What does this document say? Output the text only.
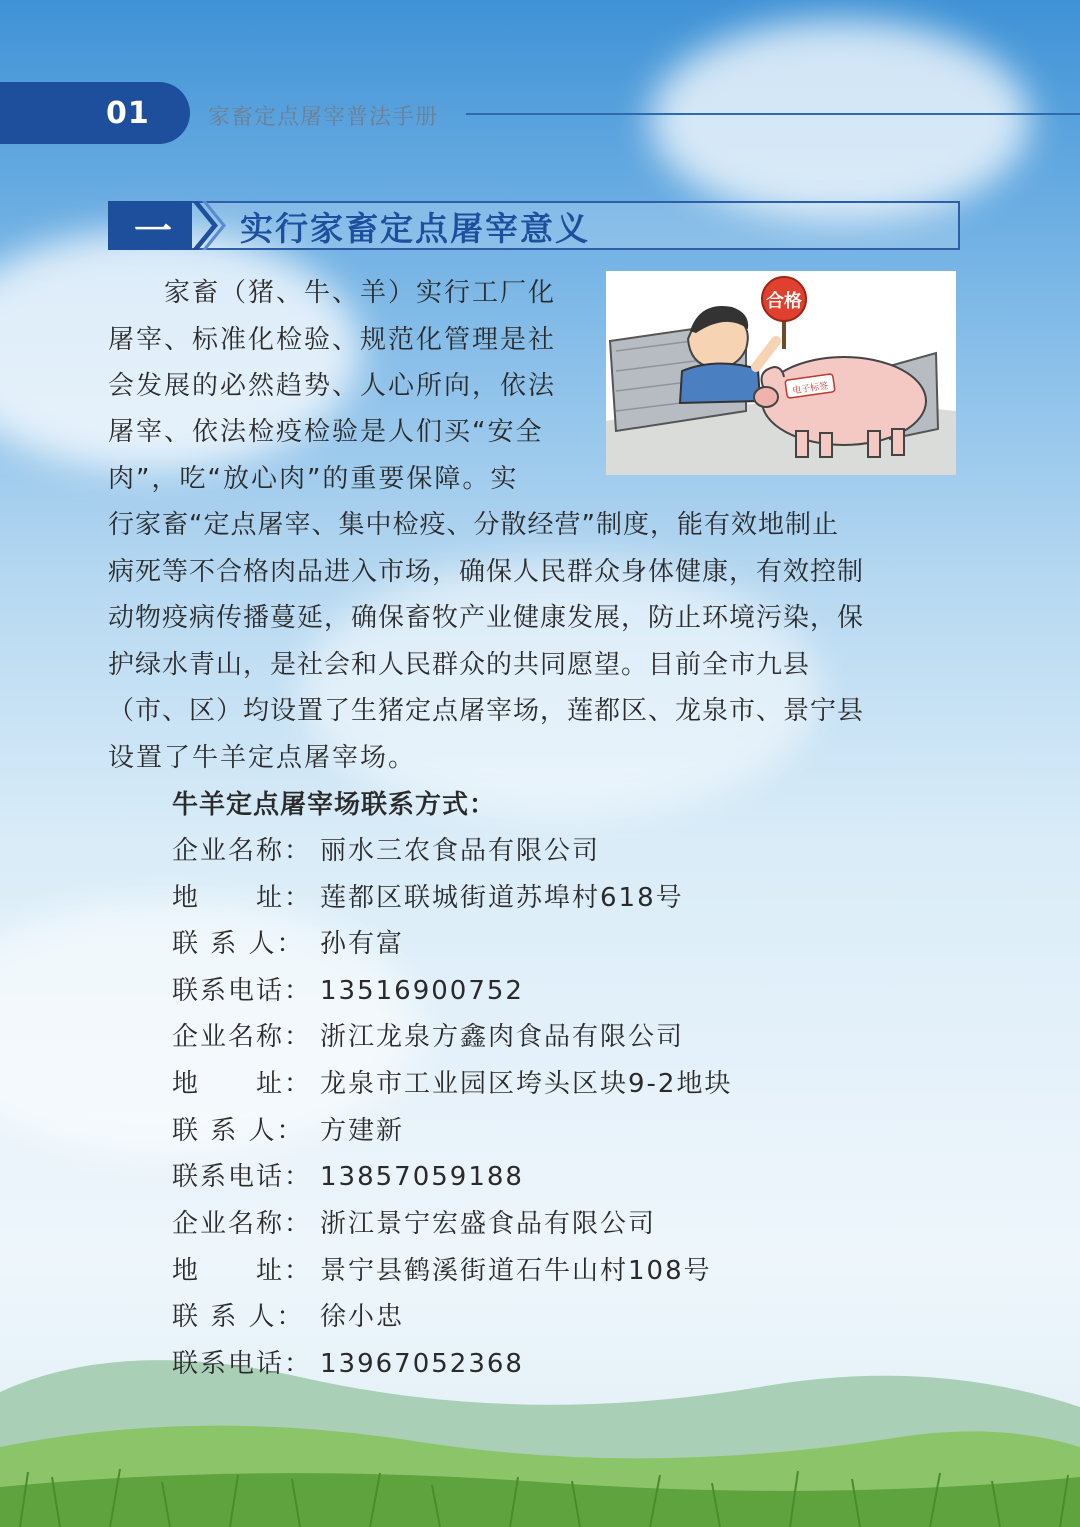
01	家畜定点屠宰普法手册
一 实行家畜定点屠宰意义
合格
电子标签
　　家畜（猪、牛、羊）实行工厂化
屠宰、标准化检验、规范化管理是社
会发展的必然趋势、人心所向，依法
屠宰、依法检疫检验是人们买“安全
肉”，吃“放心肉”的重要保障。实
行家畜“定点屠宰、集中检疫、分散经营”制度，能有效地制止
病死等不合格肉品进入市场，确保人民群众身体健康，有效控制
动物疫病传播蔓延，确保畜牧产业健康发展，防止环境污染，保
护绿水青山，是社会和人民群众的共同愿望。目前全市九县
（市、区）均设置了生猪定点屠宰场，莲都区、龙泉市、景宁县
设置了牛羊定点屠宰场。
牛羊定点屠宰场联系方式：
企业名称： 丽水三农食品有限公司
地　　址： 莲都区联城街道苏埠村618号
联 系 人： 孙有富
联系电话： 13516900752
企业名称： 浙江龙泉方鑫肉食品有限公司
地　　址： 龙泉市工业园区垮头区块9-2地块
联 系 人： 方建新
联系电话： 13857059188
企业名称： 浙江景宁宏盛食品有限公司
地　　址： 景宁县鹤溪街道石牛山村108号
联 系 人： 徐小忠
联系电话： 13967052368
